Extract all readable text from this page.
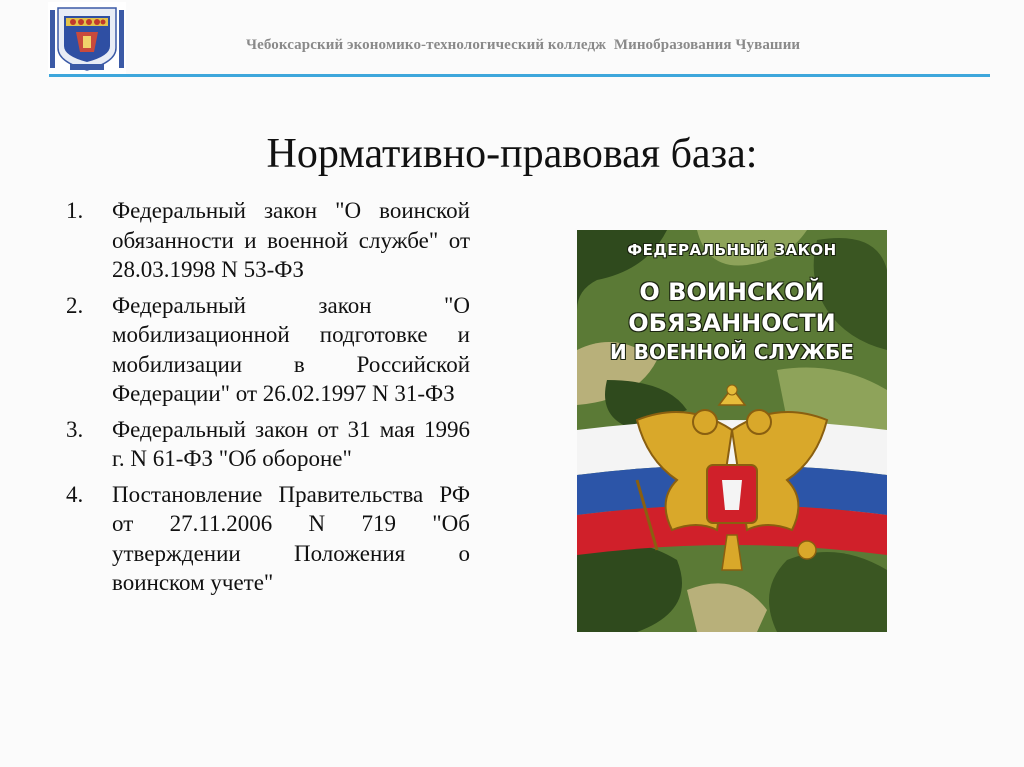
Чебоксарский экономико-технологический колледж  Минобразования Чувашии
Нормативно-правовая база:
1.	Федеральный закон "О воинской обязанности и военной службе" от 28.03.1998 N 53-ФЗ
2.	Федеральный закон "О мобилизационной подготовке и мобилизации в Российской Федерации" от 26.02.1997 N 31-ФЗ
3.	Федеральный закон от 31 мая 1996 г. N 61-ФЗ "Об обороне"
4.	Постановление Правительства РФ от 27.11.2006 N 719 "Об утверждении Положения о воинском учете"
ФЕДЕРАЛЬНЫЙ ЗАКОН
О ВОИНСКОЙ
ОБЯЗАННОСТИ
И ВОЕННОЙ СЛУЖБЕ
